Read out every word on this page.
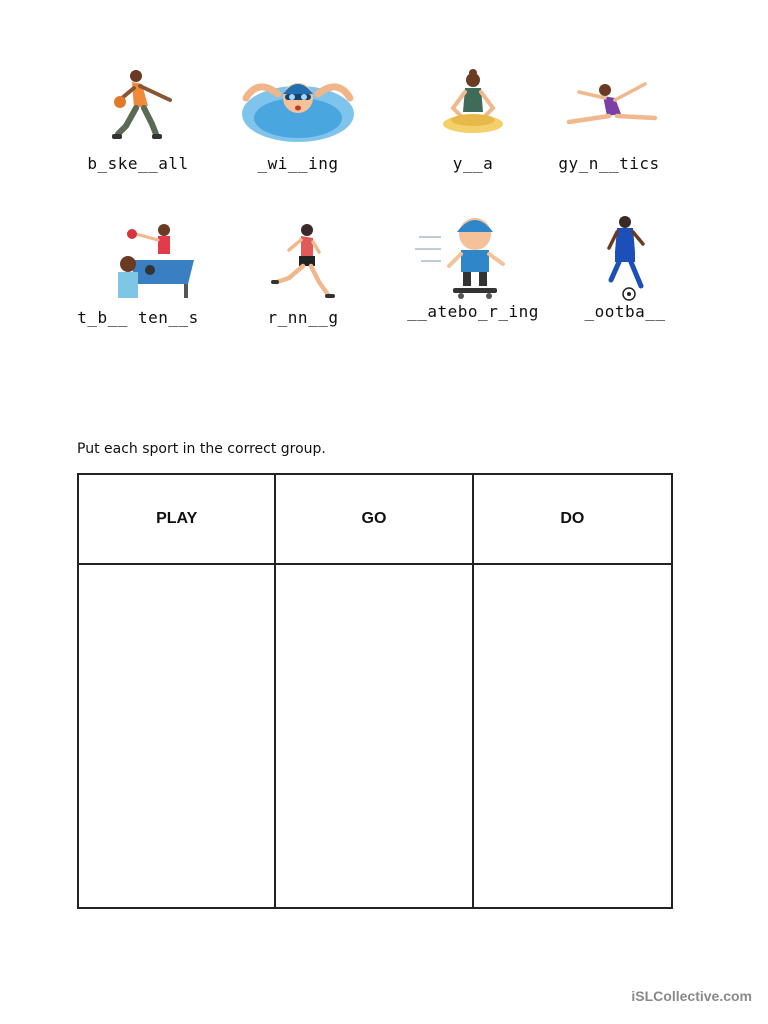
b_ske__all	_wi__ing	y__a	gy_n__tics
t_b__ ten__s	r_nn__g	__atebo_r_ing	_ootba__
Put each sport in the correct group.
PLAY	GO	DO
iSLCollective.com
